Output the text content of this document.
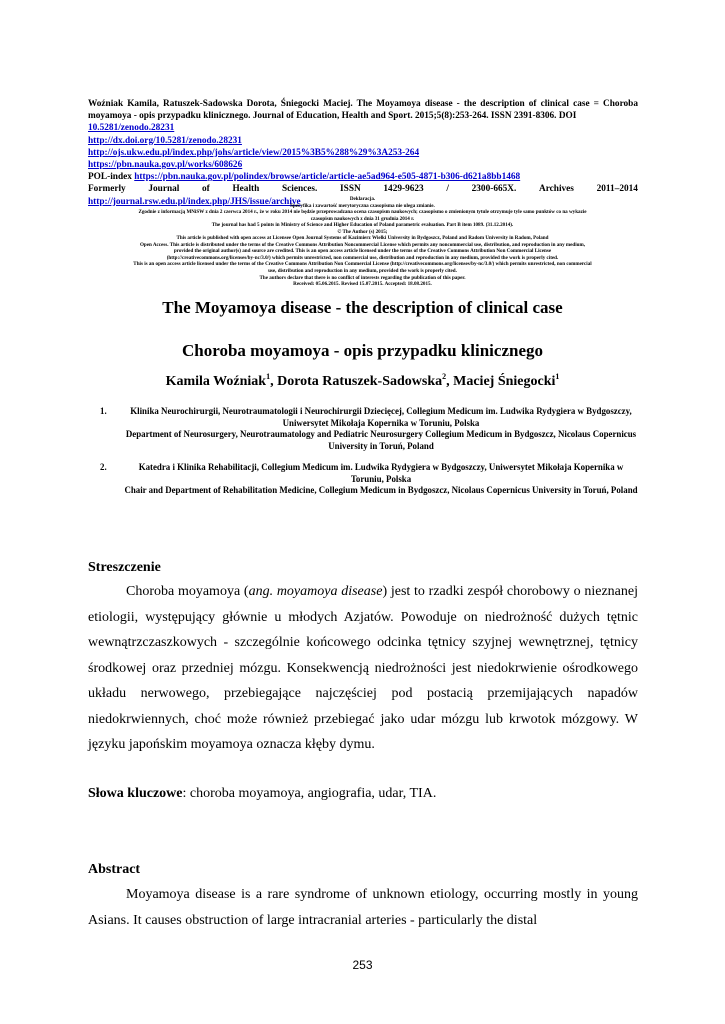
Woźniak Kamila, Ratuszek-Sadowska Dorota, Śniegocki Maciej. The Moyamoya disease - the description of clinical case = Choroba moyamoya - opis przypadku klinicznego. Journal of Education, Health and Sport. 2015;5(8):253-264. ISSN 2391-8306. DOI
10.5281/zenodo.28231

http://dx.doi.org/10.5281/zenodo.28231

http://ojs.ukw.edu.pl/index.php/johs/article/view/2015%3B5%288%29%3A253-264

https://pbn.nauka.gov.pl/works/608626

POL-index https://pbn.nauka.gov.pl/polindex/browse/article/article-ae5ad964-e505-4871-b306-d621a8bb1468

Formerly Journal of Health Sciences. ISSN 1429-9623 / 2300-665X. Archives 2011–2014

http://journal.rsw.edu.pl/index.php/JHS/issue/archive	Deklaracja.

Specyfika i zawartość merytoryczna czasopisma nie ulega zmianie.

Zgodnie z informacją MNiSW z dnia 2 czerwca 2014 r., że w roku 2014 nie będzie przeprowadzana ocena czasopism naukowych; czasopismo o zmienionym tytule otrzymuje tyle samo punktów co na wykazie

czasopism naukowych z dnia 31 grudnia 2014 r.

The journal has had 5 points in Ministry of Science and Higher Education of Poland parametric evaluation. Part B item 1089. (31.12.2014).

© The Author (s) 2015;

This article is published with open access at Licensee Open Journal Systems of Kazimierz Wielki University in Bydgoszcz, Poland and Radom University in Radom, Poland

Open Access. This article is distributed under the terms of the Creative Commons Attribution Noncommercial License which permits any noncommercial use, distribution, and reproduction in any medium,

provided the original author(s) and source are credited. This is an open access article licensed under the terms of the Creative Commons Attribution Non Commercial License

(http://creativecommons.org/licenses/by-nc/3.0/) which permits unrestricted, non commercial use, distribution and reproduction in any medium, provided the work is properly cited.

This is an open access article licensed under the terms of the Creative Commons Attribution Non Commercial License (http://creativecommons.org/licenses/by-nc/3.0/) which permits unrestricted, non commercial

use, distribution and reproduction in any medium, provided the work is properly cited.

The authors declare that there is no conflict of interests regarding the publication of this paper.

Received: 05.06.2015. Revised 15.07.2015. Accepted: 18.08.2015.

The Moyamoya disease - the description of clinical case
Choroba moyamoya - opis przypadku klinicznego
Kamila Woźniak$^1$, Dorota Ratuszek-Sadowska$^2$, Maciej Śniegocki$^1$
1.	Klinika Neurochirurgii, Neurotraumatologii i Neurochirurgii Dziecięcej, Collegium Medicum im. Ludwika Rydygiera w Bydgoszczy, Uniwersytet Mikołaja Kopernika w Toruniu, Polska
Department of Neurosurgery, Neurotraumatology and Pediatric Neurosurgery Collegium Medicum in Bydgoszcz, Nicolaus Copernicus University in Toruń, Poland
2.	Katedra i Klinika Rehabilitacji, Collegium Medicum im. Ludwika Rydygiera w Bydgoszczy, Uniwersytet Mikołaja Kopernika w Toruniu, Polska
Chair and Department of Rehabilitation Medicine, Collegium Medicum in Bydgoszcz, Nicolaus Copernicus University in Toruń, Poland
Streszczenie

Choroba moyamoya (ang. moyamoya disease) jest to rzadki zespół chorobowy o nieznanej etiologii, występujący głównie u młodych Azjatów. Powoduje on niedrożność dużych tętnic wewnątrzczaszkowych - szczególnie końcowego odcinka tętnicy szyjnej wewnętrznej, tętnicy środkowej oraz przedniej mózgu. Konsekwencją niedrożności jest niedokrwienie ośrodkowego układu nerwowego, przebiegające najczęściej pod postacią przemijających napadów niedokrwiennych, choć może również przebiegać jako udar mózgu lub krwotok mózgowy. W języku japońskim moyamoya oznacza kłęby dymu.

Słowa kluczowe: choroba moyamoya, angiografia, udar, TIA.

Abstract

Moyamoya disease is a rare syndrome of unknown etiology, occurring mostly in young Asians. It causes obstruction of large intracranial arteries - particularly the distal

253
